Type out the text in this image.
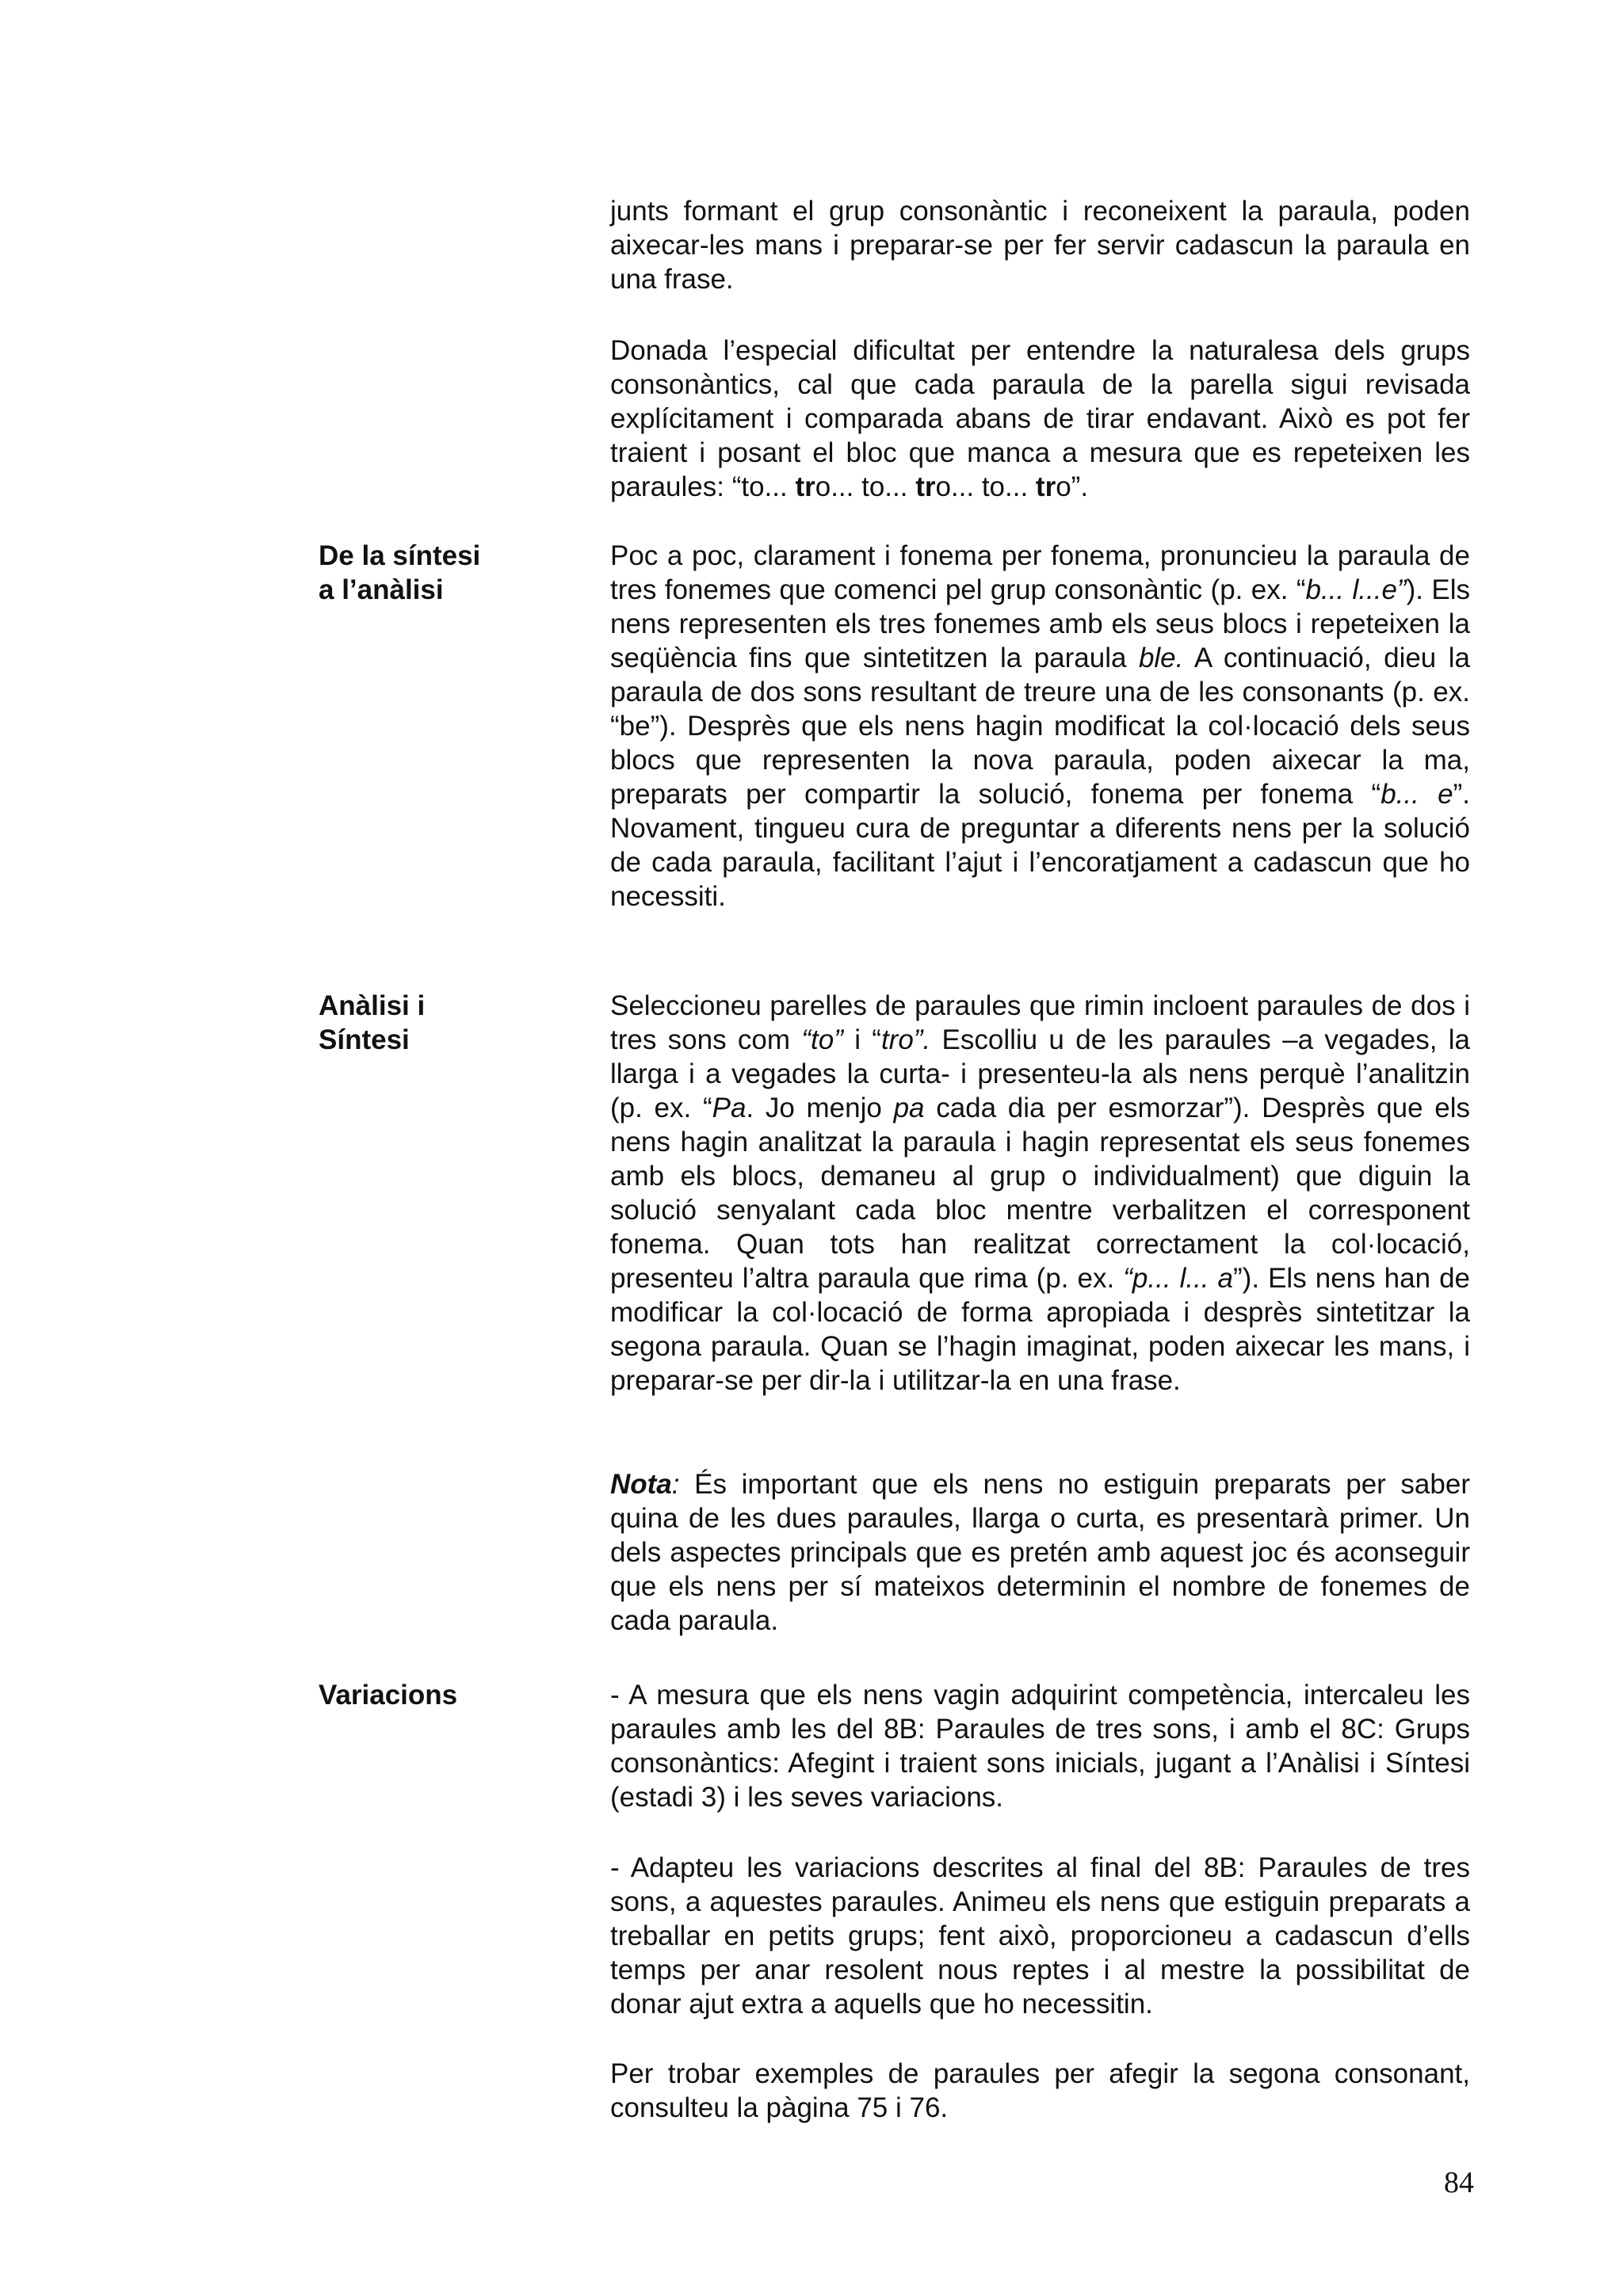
junts formant el grup consonàntic i reconeixent la paraula, poden aixecar-les mans i preparar-se per fer servir cadascun la paraula en una frase.
Donada l’especial dificultat per entendre la naturalesa dels grups consonàntics, cal que cada paraula de la parella sigui revisada explícitament i comparada abans de tirar endavant. Això es pot fer traient i posant el bloc que manca a mesura que es repeteixen les paraules: “to... tro... to... tro... to... tro”.
De la síntesi
a l’anàlisi
Poc a poc, clarament i fonema per fonema, pronuncieu la paraula de tres fonemes que comenci pel grup consonàntic (p. ex. “b... l...e”). Els nens representen els tres fonemes amb els seus blocs i repeteixen la seqüència fins que sintetitzen la paraula ble. A continuació, dieu la paraula de dos sons resultant de treure una de les consonants (p. ex. “be”). Desprès que els nens hagin modificat la col·locació dels seus blocs que representen la nova paraula, poden aixecar la ma, preparats per compartir la solució, fonema per fonema “b... e”. Novament, tingueu cura de preguntar a diferents nens per la solució de cada paraula, facilitant l’ajut i l’encoratjament a cadascun que ho necessiti.
Anàlisi i
Síntesi
Seleccioneu parelles de paraules que rimin incloent paraules de dos i tres sons com “to” i “tro”. Escolliu u de les paraules –a vegades, la llarga i a vegades la curta- i presenteu-la als nens perquè l’analitzin (p. ex. “Pa. Jo menjo pa cada dia per esmorzar”). Desprès que els nens hagin analitzat la paraula i hagin representat els seus fonemes amb els blocs, demaneu al grup o individualment) que diguin la solució senyalant cada bloc mentre verbalitzen el corresponent fonema. Quan tots han realitzat correctament la col·locació, presenteu l’altra paraula que rima (p. ex. “p... l... a”). Els nens han de modificar la col·locació de forma apropiada i desprès sintetitzar la segona paraula. Quan se l’hagin imaginat, poden aixecar les mans, i preparar-se per dir-la i utilitzar-la en una frase.
Nota: És important que els nens no estiguin preparats per saber quina de les dues paraules, llarga o curta, es presentarà primer. Un dels aspectes principals que es pretén amb aquest joc és aconseguir que els nens per sí mateixos determinin el nombre de fonemes de cada paraula.
Variacions	- A mesura que els nens vagin adquirint competència, intercaleu les paraules amb les del 8B: Paraules de tres sons, i amb el 8C: Grups consonàntics: Afegint i traient sons inicials, jugant a l’Anàlisi i Síntesi (estadi 3) i les seves variacions.
- Adapteu les variacions descrites al final del 8B: Paraules de tres sons, a aquestes paraules. Animeu els nens que estiguin preparats a treballar en petits grups; fent això, proporcioneu a cadascun d’ells temps per anar resolent nous reptes i al mestre la possibilitat de donar ajut extra a aquells que ho necessitin.
Per trobar exemples de paraules per afegir la segona consonant, consulteu la pàgina 75 i 76.
84
